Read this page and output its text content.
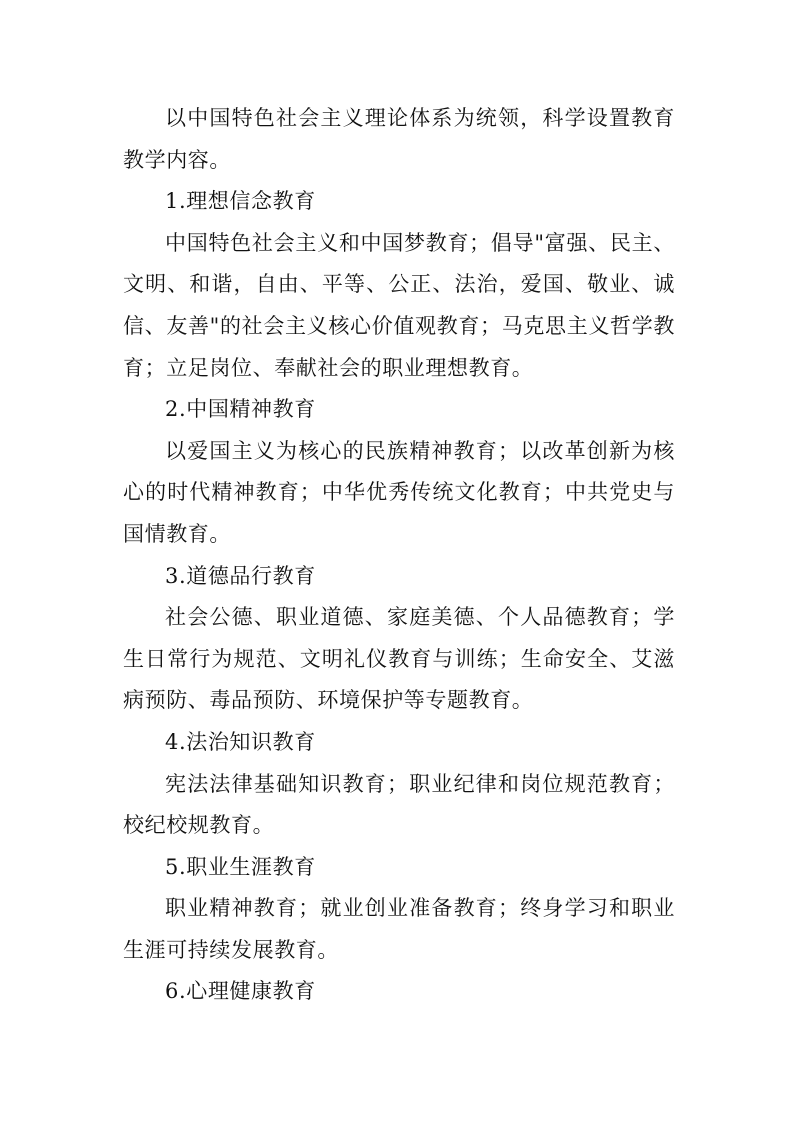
以中国特色社会主义理论体系为统领，科学设置教育教学内容。

1.理想信念教育

中国特色社会主义和中国梦教育；倡导"富强、民主、文明、和谐，自由、平等、公正、法治，爱国、敬业、诚信、友善"的社会主义核心价值观教育；马克思主义哲学教育；立足岗位、奉献社会的职业理想教育。

2.中国精神教育

以爱国主义为核心的民族精神教育；以改革创新为核心的时代精神教育；中华优秀传统文化教育；中共党史与国情教育。

3.道德品行教育

社会公德、职业道德、家庭美德、个人品德教育；学生日常行为规范、文明礼仪教育与训练；生命安全、艾滋病预防、毒品预防、环境保护等专题教育。

4.法治知识教育

宪法法律基础知识教育；职业纪律和岗位规范教育；校纪校规教育。

5.职业生涯教育

职业精神教育；就业创业准备教育；终身学习和职业生涯可持续发展教育。

6.心理健康教育
